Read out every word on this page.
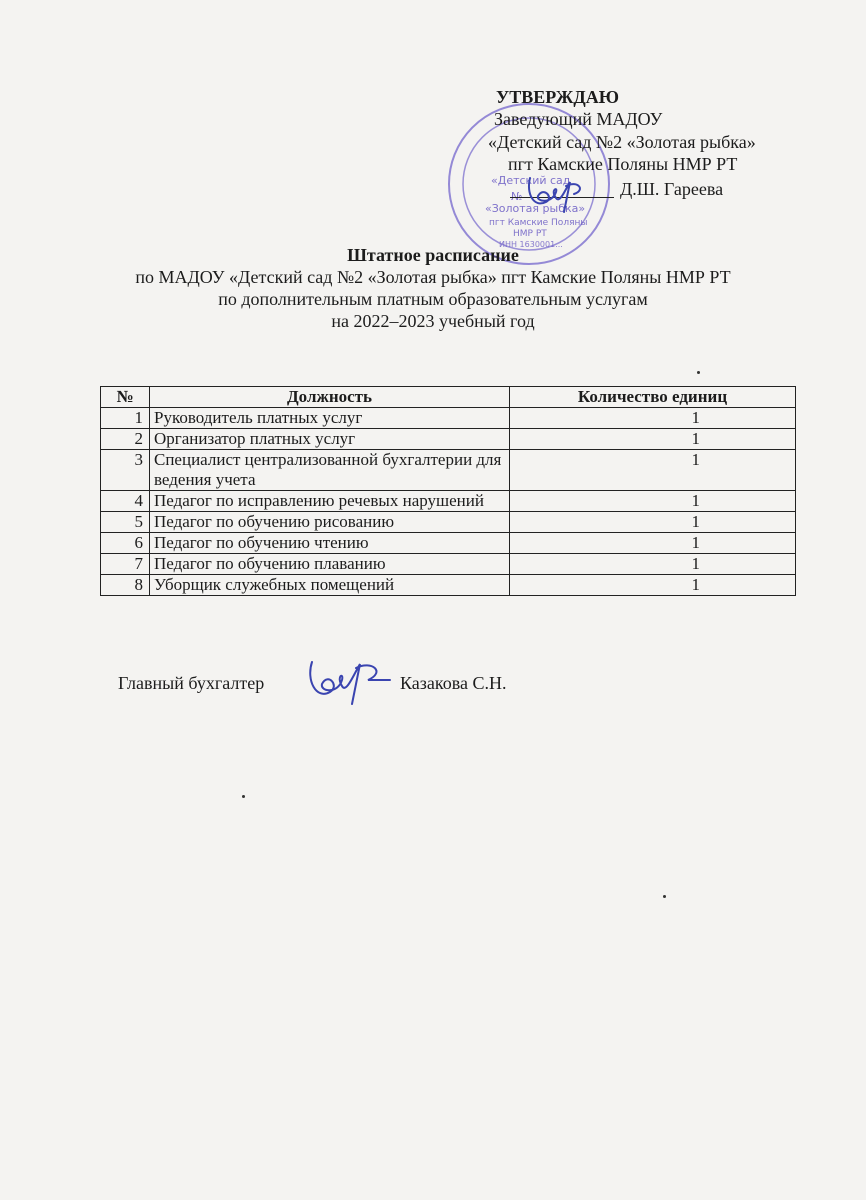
«Детский сад
№
«Золотая рыбка»
пгт Камские Поляны
НМР РТ
ИНН 1630001...
УТВЕРЖДАЮ
Заведующий МАДОУ
«Детский сад №2 «Золотая рыбка»
пгт Камские Поляны НМР РТ
Д.Ш. Гареева
Штатное расписание
по МАДОУ «Детский сад №2 «Золотая рыбка» пгт Камские Поляны НМР РТ
по дополнительным платным образовательным услугам
на 2022–2023 учебный год
№	Должность	Количество единиц
1	Руководитель платных услуг	1
2	Организатор платных услуг	1
3	Специалист централизованной бухгалтерии для ведения учета	1
4	Педагог по исправлению речевых нарушений	1
5	Педагог по обучению рисованию	1
6	Педагог по обучению чтению	1
7	Педагог по обучению плаванию	1
8	Уборщик служебных помещений	1
Главный бухгалтер	Казакова С.Н.
